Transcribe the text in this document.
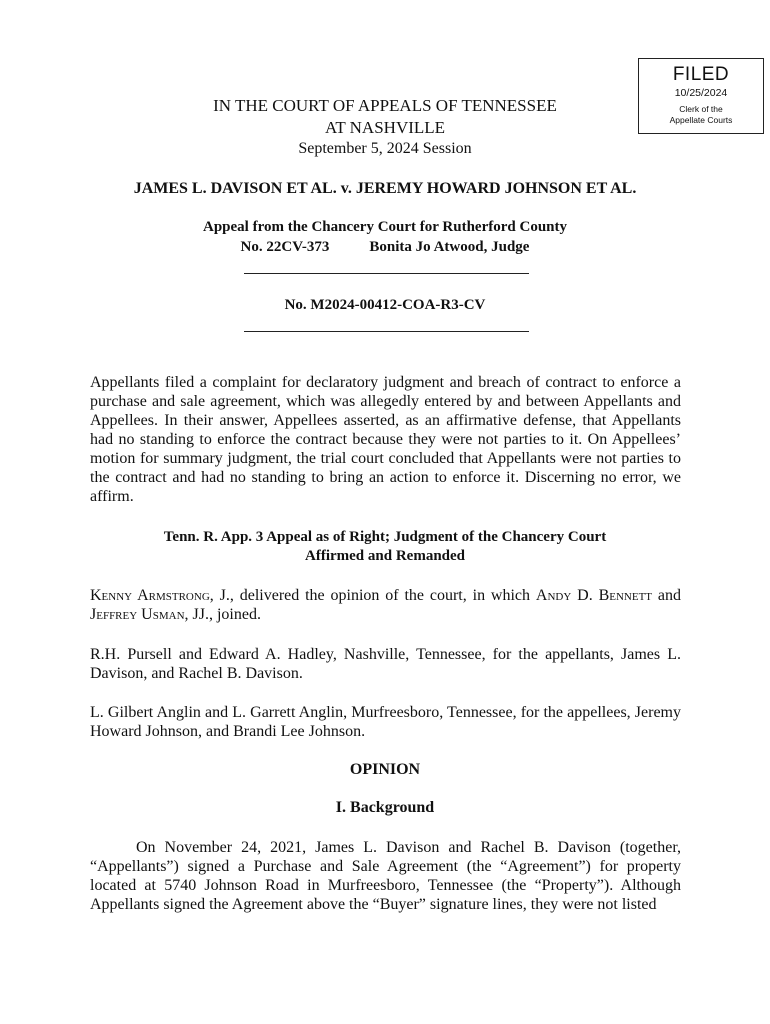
FILED
10/25/2024
Clerk of the
Appellate Courts
IN THE COURT OF APPEALS OF TENNESSEE
AT NASHVILLE
September 5, 2024 Session
JAMES L. DAVISON ET AL. v. JEREMY HOWARD JOHNSON ET AL.
Appeal from the Chancery Court for Rutherford County
No. 22CV-373	Bonita Jo Atwood, Judge
No. M2024-00412-COA-R3-CV
Appellants filed a complaint for declaratory judgment and breach of contract to enforce a purchase and sale agreement, which was allegedly entered by and between Appellants and Appellees. In their answer, Appellees asserted, as an affirmative defense, that Appellants had no standing to enforce the contract because they were not parties to it. On Appellees’ motion for summary judgment, the trial court concluded that Appellants were not parties to the contract and had no standing to bring an action to enforce it. Discerning no error, we affirm.
Tenn. R. App. 3 Appeal as of Right; Judgment of the Chancery Court
Affirmed and Remanded
Kenny Armstrong, J., delivered the opinion of the court, in which Andy D. Bennett and Jeffrey Usman, JJ., joined.
R.H. Pursell and Edward A. Hadley, Nashville, Tennessee, for the appellants, James L. Davison, and Rachel B. Davison.
L. Gilbert Anglin and L. Garrett Anglin, Murfreesboro, Tennessee, for the appellees, Jeremy Howard Johnson, and Brandi Lee Johnson.
OPINION
I. Background
On November 24, 2021, James L. Davison and Rachel B. Davison (together, “Appellants”) signed a Purchase and Sale Agreement (the “Agreement”) for property located at 5740 Johnson Road in Murfreesboro, Tennessee (the “Property”). Although Appellants signed the Agreement above the “Buyer” signature lines, they were not listed
